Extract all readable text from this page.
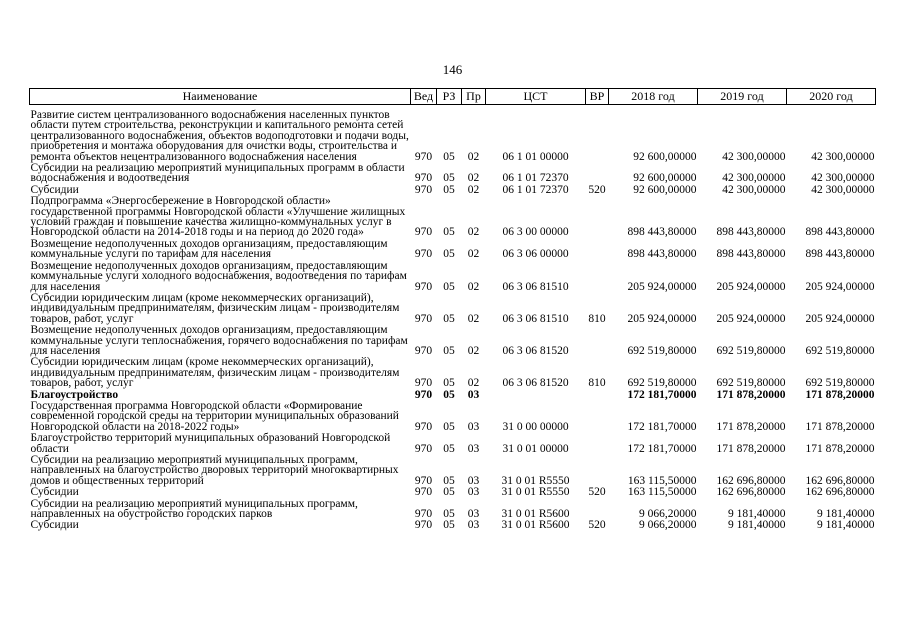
146
Наименование	Вед	РЗ	Пр	ЦСТ	ВР	2018 год	2019 год	2020 год

Развитие систем централизованного водоснабжения населенных пунктов области путем строительства, реконструкции и капитального ремонта сетей централизованного водоснабжения, объектов водоподготовки и подачи воды, приобретения и монтажа оборудования для очистки воды, строительства и ремонта объектов нецентрализованного водоснабжения населения	970	05	02	06 1 01 00000		92 600,00000	42 300,00000	42 300,00000
Субсидии на реализацию мероприятий муниципальных программ в области водоснабжения и водоотведения	970	05	02	06 1 01 72370		92 600,00000	42 300,00000	42 300,00000
Субсидии	970	05	02	06 1 01 72370	520	92 600,00000	42 300,00000	42 300,00000
Подпрограмма «Энергосбережение в Новгородской области» государственной программы Новгородской области «Улучшение жилищных условий граждан и повышение качества жилищно-коммунальных услуг в Новгородской области на 2014-2018 годы и на период до 2020 года»	970	05	02	06 3 00 00000		898 443,80000	898 443,80000	898 443,80000
Возмещение недополученных доходов организациям, предоставляющим коммунальные услуги по тарифам для населения	970	05	02	06 3 06 00000		898 443,80000	898 443,80000	898 443,80000
Возмещение недополученных доходов организациям, предоставляющим коммунальные услуги холодного водоснабжения, водоотведения по тарифам для населения	970	05	02	06 3 06 81510		205 924,00000	205 924,00000	205 924,00000
Субсидии юридическим лицам (кроме некоммерческих организаций), индивидуальным предпринимателям, физическим лицам - производителям товаров, работ, услуг	970	05	02	06 3 06 81510	810	205 924,00000	205 924,00000	205 924,00000
Возмещение недополученных доходов организациям, предоставляющим коммунальные услуги теплоснабжения, горячего водоснабжения по тарифам для населения	970	05	02	06 3 06 81520		692 519,80000	692 519,80000	692 519,80000
Субсидии юридическим лицам (кроме некоммерческих организаций), индивидуальным предпринимателям, физическим лицам - производителям товаров, работ, услуг	970	05	02	06 3 06 81520	810	692 519,80000	692 519,80000	692 519,80000
Благоустройство	970	05	03			172 181,70000	171 878,20000	171 878,20000
Государственная программа Новгородской области «Формирование современной городской среды на территории муниципальных образований Новгородской области на 2018-2022 годы»	970	05	03	31 0 00 00000		172 181,70000	171 878,20000	171 878,20000
Благоустройство территорий муниципальных образований Новгородской области	970	05	03	31 0 01 00000		172 181,70000	171 878,20000	171 878,20000
Субсидии на реализацию мероприятий муниципальных программ, направленных на благоустройство дворовых территорий многоквартирных домов и общественных территорий	970	05	03	31 0 01 R5550		163 115,50000	162 696,80000	162 696,80000
Субсидии	970	05	03	31 0 01 R5550	520	163 115,50000	162 696,80000	162 696,80000
Субсидии на реализацию мероприятий муниципальных программ, направленных на обустройство городских парков	970	05	03	31 0 01 R5600		9 066,20000	9 181,40000	9 181,40000
Субсидии	970	05	03	31 0 01 R5600	520	9 066,20000	9 181,40000	9 181,40000
